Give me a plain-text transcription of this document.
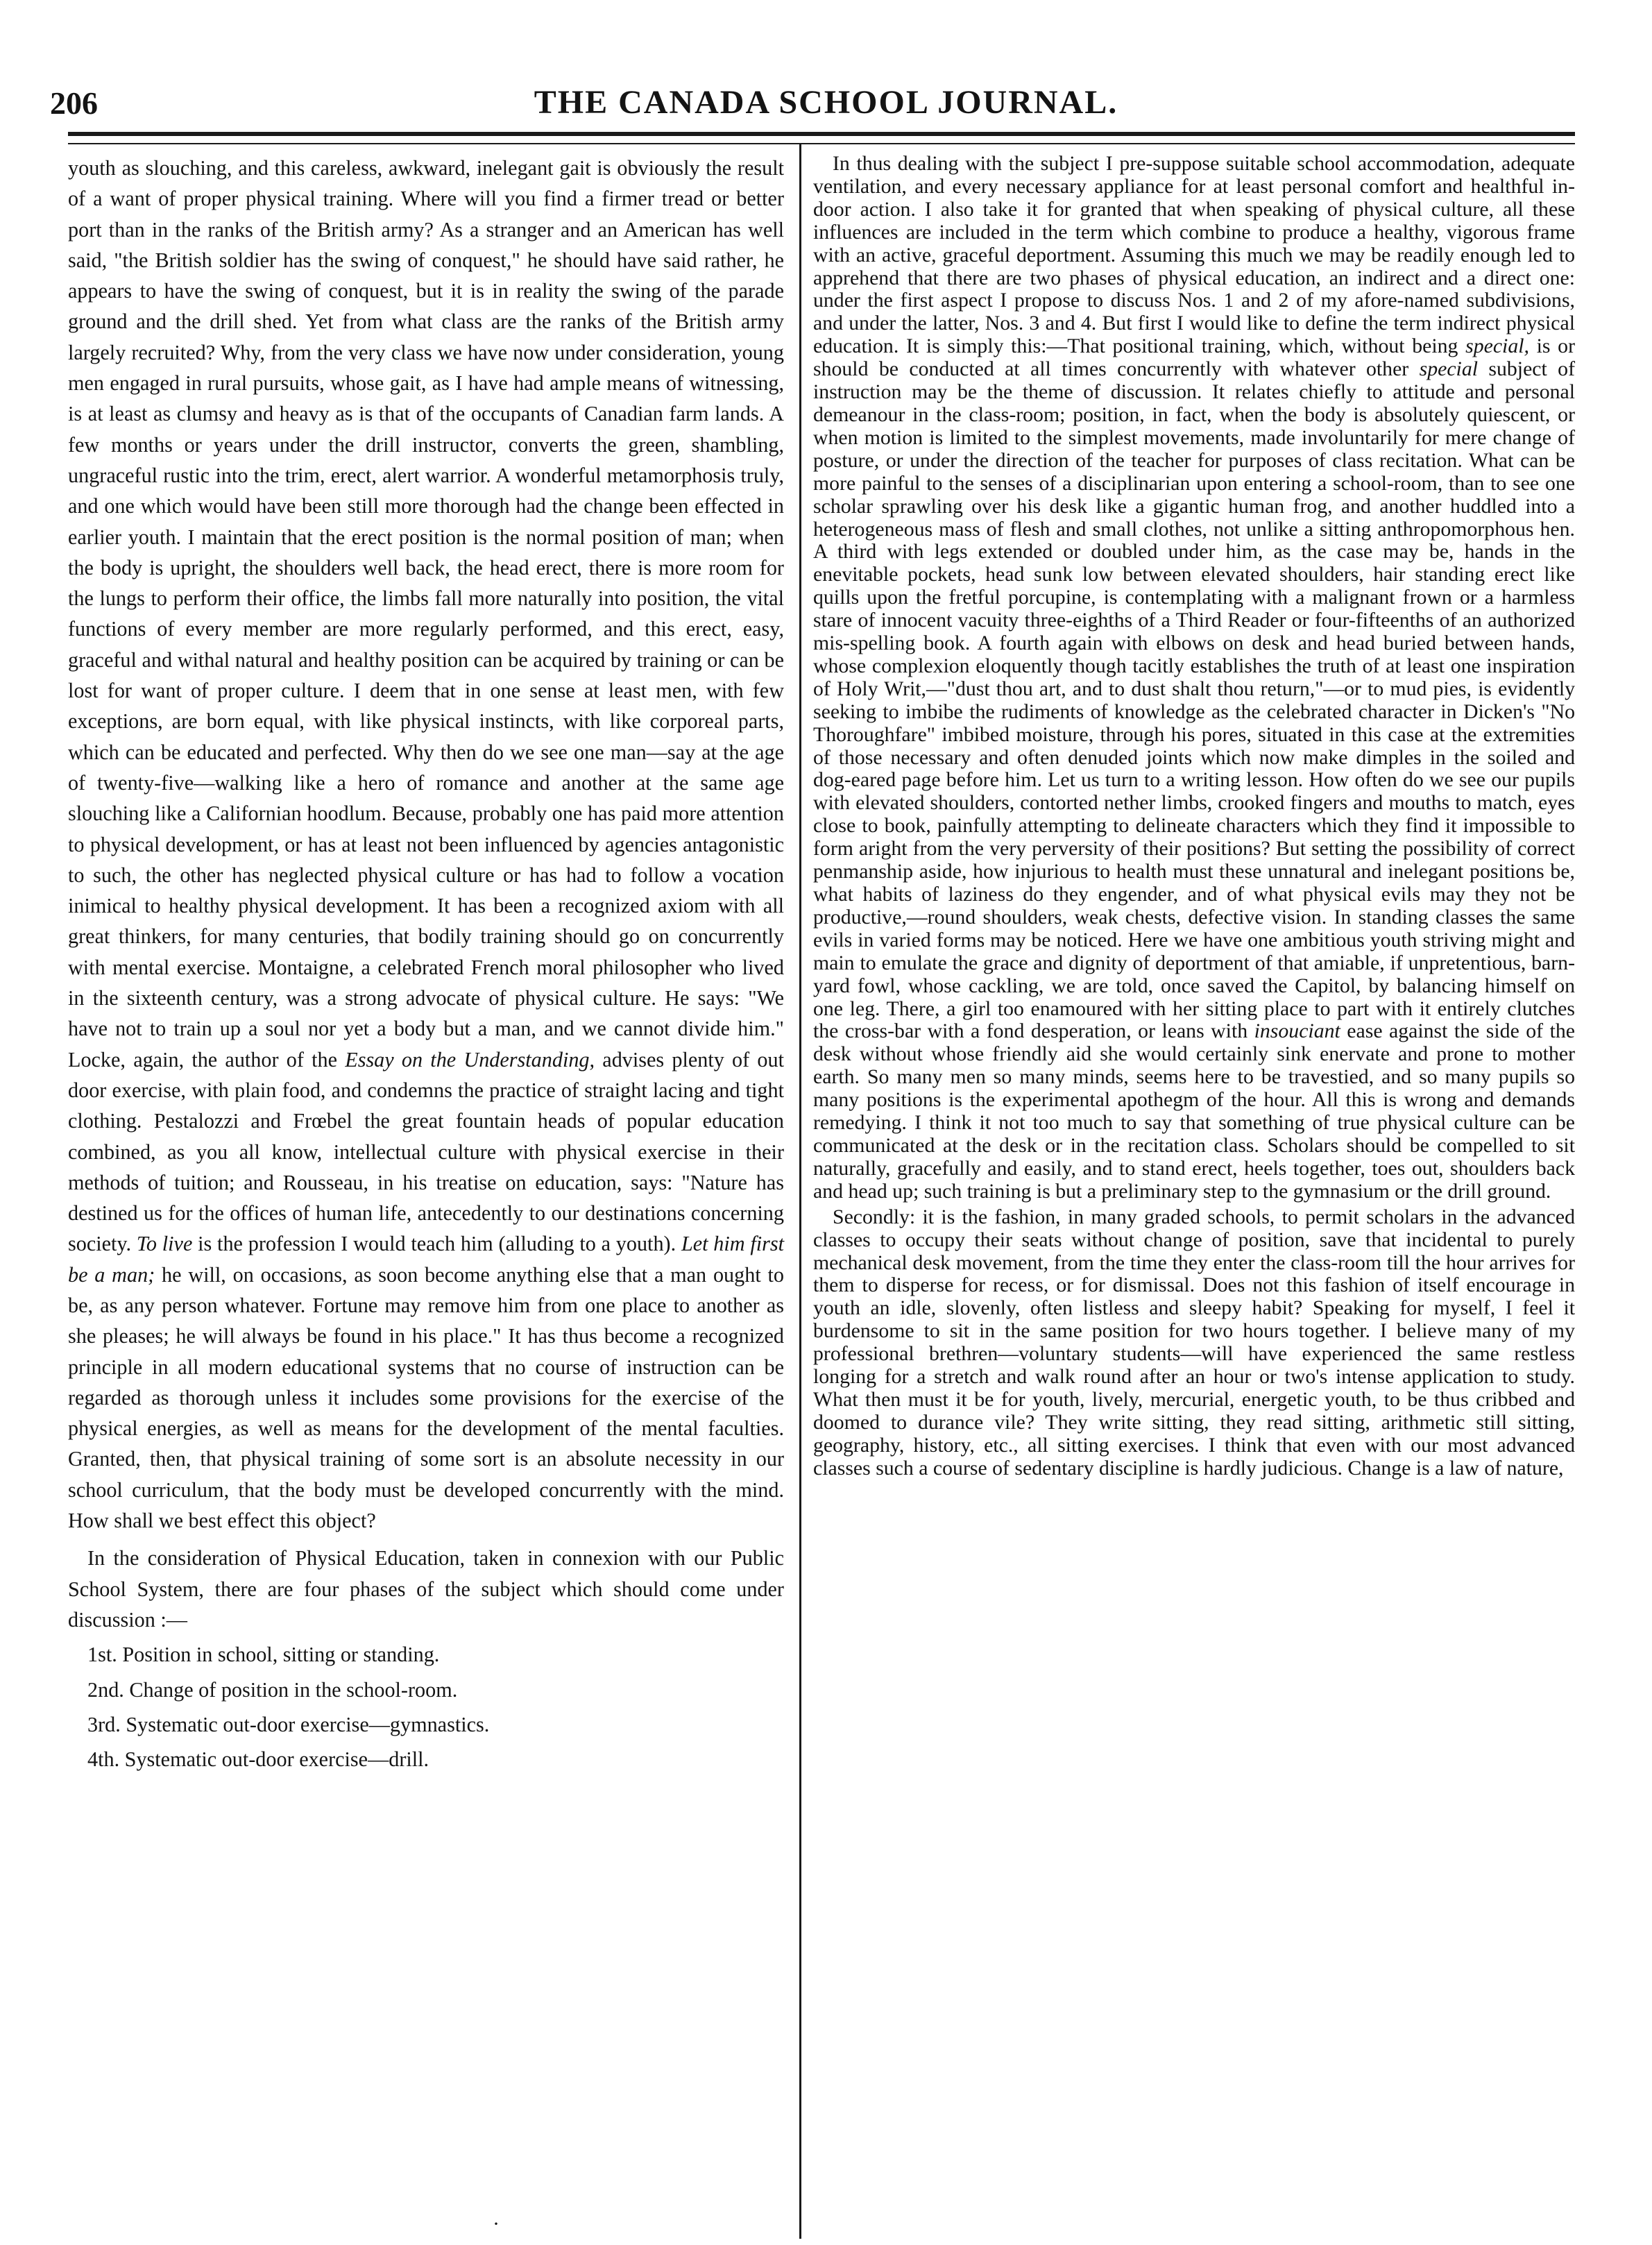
206	THE CANADA SCHOOL JOURNAL.

youth as slouching, and this careless, awkward, inelegant gait is obviously the result of a want of proper physical training. Where will you find a firmer tread or better port than in the ranks of the British army? As a stranger and an American has well said, "the British soldier has the swing of conquest," he should have said rather, he appears to have the swing of conquest, but it is in reality the swing of the parade ground and the drill shed. Yet from what class are the ranks of the British army largely recruited? Why, from the very class we have now under consideration, young men engaged in rural pursuits, whose gait, as I have had ample means of witnessing, is at least as clumsy and heavy as is that of the occupants of Canadian farm lands. A few months or years under the drill instructor, converts the green, shambling, ungraceful rustic into the trim, erect, alert warrior. A wonderful metamorphosis truly, and one which would have been still more thorough had the change been effected in earlier youth. I maintain that the erect position is the normal position of man; when the body is upright, the shoulders well back, the head erect, there is more room for the lungs to perform their office, the limbs fall more naturally into position, the vital functions of every member are more regularly performed, and this erect, easy, graceful and withal natural and healthy position can be acquired by training or can be lost for want of proper culture. I deem that in one sense at least men, with few exceptions, are born equal, with like physical instincts, with like corporeal parts, which can be educated and perfected. Why then do we see one man—say at the age of twenty-five—walking like a hero of romance and another at the same age slouching like a Californian hoodlum. Because, probably one has paid more attention to physical development, or has at least not been influenced by agencies antagonistic to such, the other has neglected physical culture or has had to follow a vocation inimical to healthy physical development. It has been a recognized axiom with all great thinkers, for many centuries, that bodily training should go on concurrently with mental exercise. Montaigne, a celebrated French moral philosopher who lived in the sixteenth century, was a strong advocate of physical culture. He says: "We have not to train up a soul nor yet a body but a man, and we cannot divide him." Locke, again, the author of the Essay on the Understanding, advises plenty of out door exercise, with plain food, and condemns the practice of straight lacing and tight clothing. Pestalozzi and Frœbel the great fountain heads of popular education combined, as you all know, intellectual culture with physical exercise in their methods of tuition; and Rousseau, in his treatise on education, says: "Nature has destined us for the offices of human life, antecedently to our destinations concerning society. To live is the profession I would teach him (alluding to a youth). Let him first be a man; he will, on occasions, as soon become anything else that a man ought to be, as any person whatever. Fortune may remove him from one place to another as she pleases; he will always be found in his place." It has thus become a recognized principle in all modern educational systems that no course of instruction can be regarded as thorough unless it includes some provisions for the exercise of the physical energies, as well as means for the development of the mental faculties. Granted, then, that physical training of some sort is an absolute necessity in our school curriculum, that the body must be developed concurrently with the mind. How shall we best effect this object?

In the consideration of Physical Education, taken in connexion with our Public School System, there are four phases of the subject which should come under discussion :—

1st. Position in school, sitting or standing.
2nd. Change of position in the school-room.
3rd. Systematic out-door exercise—gymnastics.
4th. Systematic out-door exercise—drill.

In thus dealing with the subject I pre-suppose suitable school accommodation, adequate ventilation, and every necessary appliance for at least personal comfort and healthful in-door action. I also take it for granted that when speaking of physical culture, all these influences are included in the term which combine to produce a healthy, vigorous frame with an active, graceful deportment. Assuming this much we may be readily enough led to apprehend that there are two phases of physical education, an indirect and a direct one: under the first aspect I propose to discuss Nos. 1 and 2 of my afore-named subdivisions, and under the latter, Nos. 3 and 4. But first I would like to define the term indirect physical education. It is simply this:—That positional training, which, without being special, is or should be conducted at all times concurrently with whatever other special subject of instruction may be the theme of discussion. It relates chiefly to attitude and personal demeanour in the class-room; position, in fact, when the body is absolutely quiescent, or when motion is limited to the simplest movements, made involuntarily for mere change of posture, or under the direction of the teacher for purposes of class recitation. What can be more painful to the senses of a disciplinarian upon entering a school-room, than to see one scholar sprawling over his desk like a gigantic human frog, and another huddled into a heterogeneous mass of flesh and small clothes, not unlike a sitting anthropomorphous hen. A third with legs extended or doubled under him, as the case may be, hands in the enevitable pockets, head sunk low between elevated shoulders, hair standing erect like quills upon the fretful porcupine, is contemplating with a malignant frown or a harmless stare of innocent vacuity three-eighths of a Third Reader or four-fifteenths of an authorized mis-spelling book. A fourth again with elbows on desk and head buried between hands, whose complexion eloquently though tacitly establishes the truth of at least one inspiration of Holy Writ,—"dust thou art, and to dust shalt thou return,"—or to mud pies, is evidently seeking to imbibe the rudiments of knowledge as the celebrated character in Dicken's "No Thoroughfare" imbibed moisture, through his pores, situated in this case at the extremities of those necessary and often denuded joints which now make dimples in the soiled and dog-eared page before him. Let us turn to a writing lesson. How often do we see our pupils with elevated shoulders, contorted nether limbs, crooked fingers and mouths to match, eyes close to book, painfully attempting to delineate characters which they find it impossible to form aright from the very perversity of their positions? But setting the possibility of correct penmanship aside, how injurious to health must these unnatural and inelegant positions be, what habits of laziness do they engender, and of what physical evils may they not be productive,—round shoulders, weak chests, defective vision. In standing classes the same evils in varied forms may be noticed. Here we have one ambitious youth striving might and main to emulate the grace and dignity of deportment of that amiable, if unpretentious, barn-yard fowl, whose cackling, we are told, once saved the Capitol, by balancing himself on one leg. There, a girl too enamoured with her sitting place to part with it entirely clutches the cross-bar with a fond desperation, or leans with insouciant ease against the side of the desk without whose friendly aid she would certainly sink enervate and prone to mother earth. So many men so many minds, seems here to be travestied, and so many pupils so many positions is the experimental apothegm of the hour. All this is wrong and demands remedying. I think it not too much to say that something of true physical culture can be communicated at the desk or in the recitation class. Scholars should be compelled to sit naturally, gracefully and easily, and to stand erect, heels together, toes out, shoulders back and head up; such training is but a preliminary step to the gymnasium or the drill ground.

Secondly: it is the fashion, in many graded schools, to permit scholars in the advanced classes to occupy their seats without change of position, save that incidental to purely mechanical desk movement, from the time they enter the class-room till the hour arrives for them to disperse for recess, or for dismissal. Does not this fashion of itself encourage in youth an idle, slovenly, often listless and sleepy habit? Speaking for myself, I feel it burdensome to sit in the same position for two hours together. I believe many of my professional brethren—voluntary students—will have experienced the same restless longing for a stretch and walk round after an hour or two's intense application to study. What then must it be for youth, lively, mercurial, energetic youth, to be thus cribbed and doomed to durance vile? They write sitting, they read sitting, arithmetic still sitting, geography, history, etc., all sitting exercises. I think that even with our most advanced classes such a course of sedentary discipline is hardly judicious. Change is a law of nature,

·
